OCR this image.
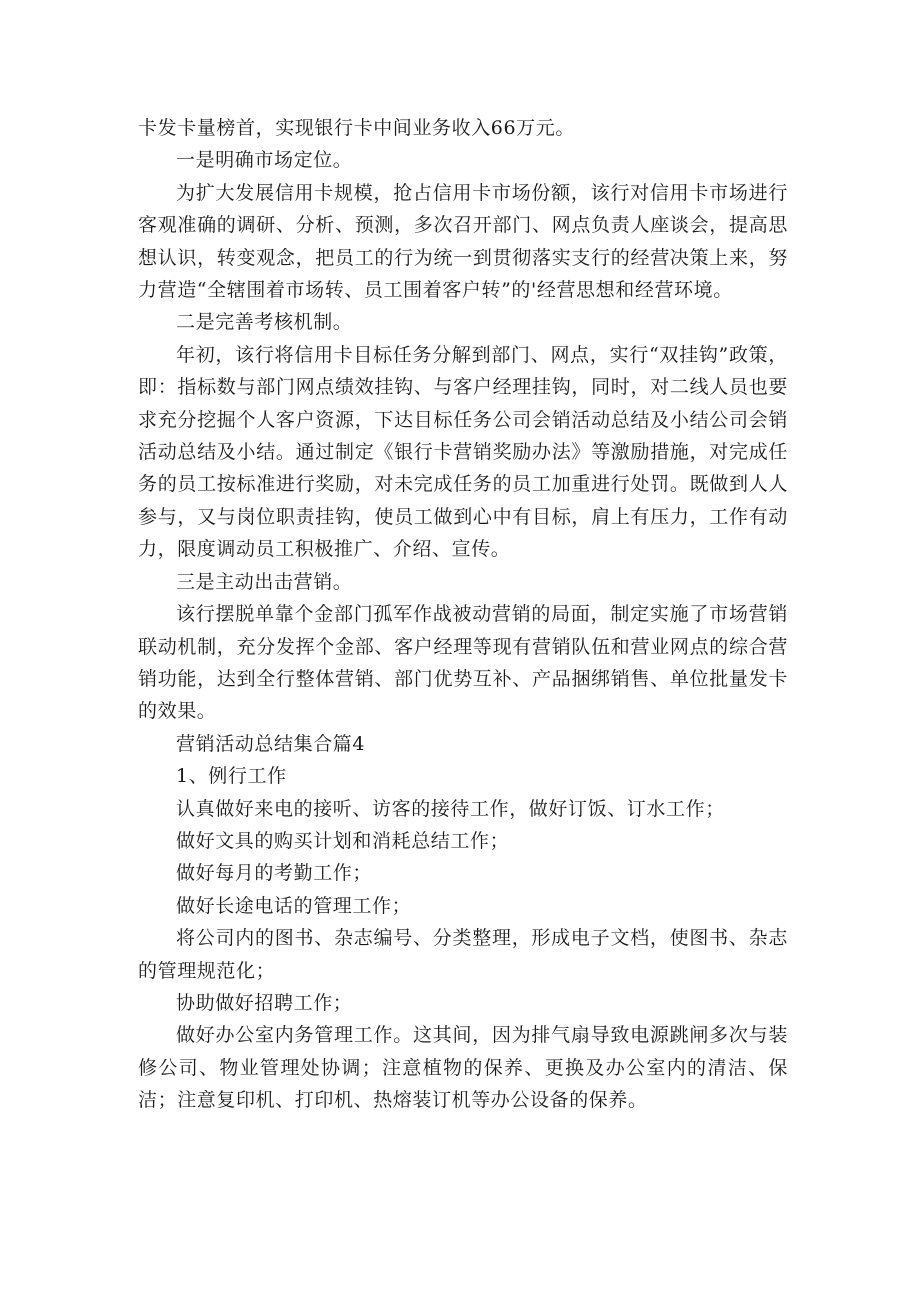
卡发卡量榜首，实现银行卡中间业务收入66万元。

一是明确市场定位。

为扩大发展信用卡规模，抢占信用卡市场份额，该行对信用卡市场进行客观准确的调研、分析、预测，多次召开部门、网点负责人座谈会，提高思想认识，转变观念，把员工的行为统一到贯彻落实支行的经营决策上来，努力营造“全辖围着市场转、员工围着客户转”的'经营思想和经营环境。

二是完善考核机制。

年初，该行将信用卡目标任务分解到部门、网点，实行“双挂钩”政策，即：指标数与部门网点绩效挂钩、与客户经理挂钩，同时，对二线人员也要求充分挖掘个人客户资源，下达目标任务公司会销活动总结及小结公司会销活动总结及小结。通过制定《银行卡营销奖励办法》等激励措施，对完成任务的员工按标准进行奖励，对未完成任务的员工加重进行处罚。既做到人人参与，又与岗位职责挂钩，使员工做到心中有目标，肩上有压力，工作有动力，限度调动员工积极推广、介绍、宣传。

三是主动出击营销。

该行摆脱单靠个金部门孤军作战被动营销的局面，制定实施了市场营销联动机制，充分发挥个金部、客户经理等现有营销队伍和营业网点的综合营销功能，达到全行整体营销、部门优势互补、产品捆绑销售、单位批量发卡的效果。

营销活动总结集合篇4

1、例行工作

认真做好来电的接听、访客的接待工作，做好订饭、订水工作；

做好文具的购买计划和消耗总结工作；

做好每月的考勤工作；

做好长途电话的管理工作；

将公司内的图书、杂志编号、分类整理，形成电子文档，使图书、杂志的管理规范化；

协助做好招聘工作；

做好办公室内务管理工作。这其间，因为排气扇导致电源跳闸多次与装修公司、物业管理处协调；注意植物的保养、更换及办公室内的清洁、保洁；注意复印机、打印机、热熔装订机等办公设备的保养。
